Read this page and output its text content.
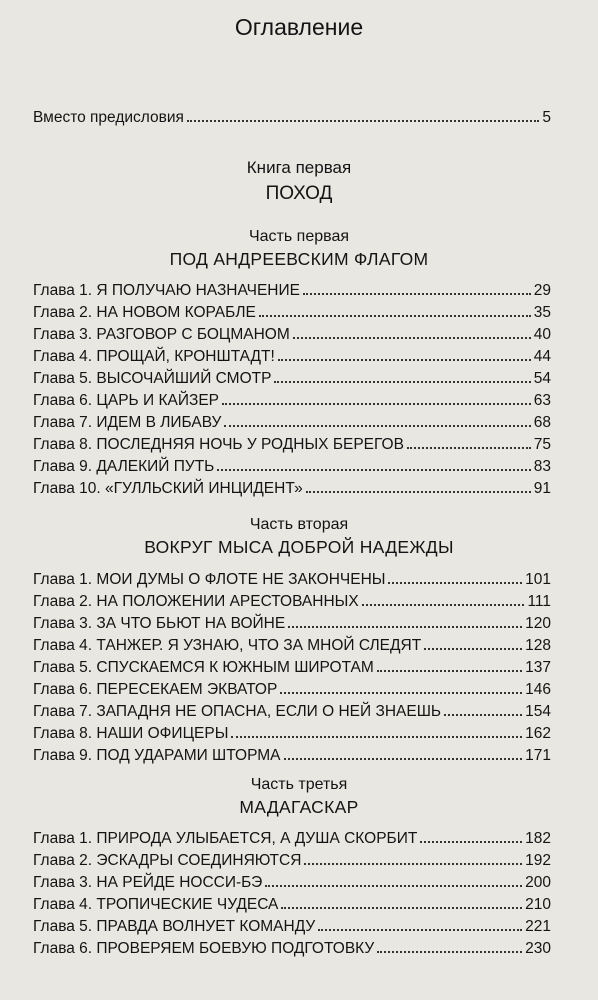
Оглавление
Вместо предисловия	5
Книга первая
ПОХОД
Часть первая
ПОД АНДРЕЕВСКИМ ФЛАГОМ
Глава 1. Я ПОЛУЧАЮ НАЗНАЧЕНИЕ	29
Глава 2. НА НОВОМ КОРАБЛЕ	35
Глава 3. РАЗГОВОР С БОЦМАНОМ	40
Глава 4. ПРОЩАЙ, КРОНШТАДТ!	44
Глава 5. ВЫСОЧАЙШИЙ СМОТР	54
Глава 6. ЦАРЬ И КАЙЗЕР	63
Глава 7. ИДЕМ В ЛИБАВУ	68
Глава 8. ПОСЛЕДНЯЯ НОЧЬ У РОДНЫХ БЕРЕГОВ	75
Глава 9. ДАЛЕКИЙ ПУТЬ	83
Глава 10. «ГУЛЛЬСКИЙ ИНЦИДЕНТ»	91
Часть вторая
ВОКРУГ МЫСА ДОБРОЙ НАДЕЖДЫ
Глава 1. МОИ ДУМЫ О ФЛОТЕ НЕ ЗАКОНЧЕНЫ	101
Глава 2. НА ПОЛОЖЕНИИ АРЕСТОВАННЫХ	111
Глава 3. ЗА ЧТО БЬЮТ НА ВОЙНЕ	120
Глава 4. ТАНЖЕР. Я УЗНАЮ, ЧТО ЗА МНОЙ СЛЕДЯТ	128
Глава 5. СПУСКАЕМСЯ К ЮЖНЫМ ШИРОТАМ	137
Глава 6. ПЕРЕСЕКАЕМ ЭКВАТОР	146
Глава 7. ЗАПАДНЯ НЕ ОПАСНА, ЕСЛИ О НЕЙ ЗНАЕШЬ	154
Глава 8. НАШИ ОФИЦЕРЫ	162
Глава 9. ПОД УДАРАМИ ШТОРМА	171
Часть третья
МАДАГАСКАР
Глава 1. ПРИРОДА УЛЫБАЕТСЯ, А ДУША СКОРБИТ	182
Глава 2. ЭСКАДРЫ СОЕДИНЯЮТСЯ	192
Глава 3. НА РЕЙДЕ НОССИ-БЭ	200
Глава 4. ТРОПИЧЕСКИЕ ЧУДЕСА	210
Глава 5. ПРАВДА ВОЛНУЕТ КОМАНДУ	221
Глава 6. ПРОВЕРЯЕМ БОЕВУЮ ПОДГОТОВКУ	230
